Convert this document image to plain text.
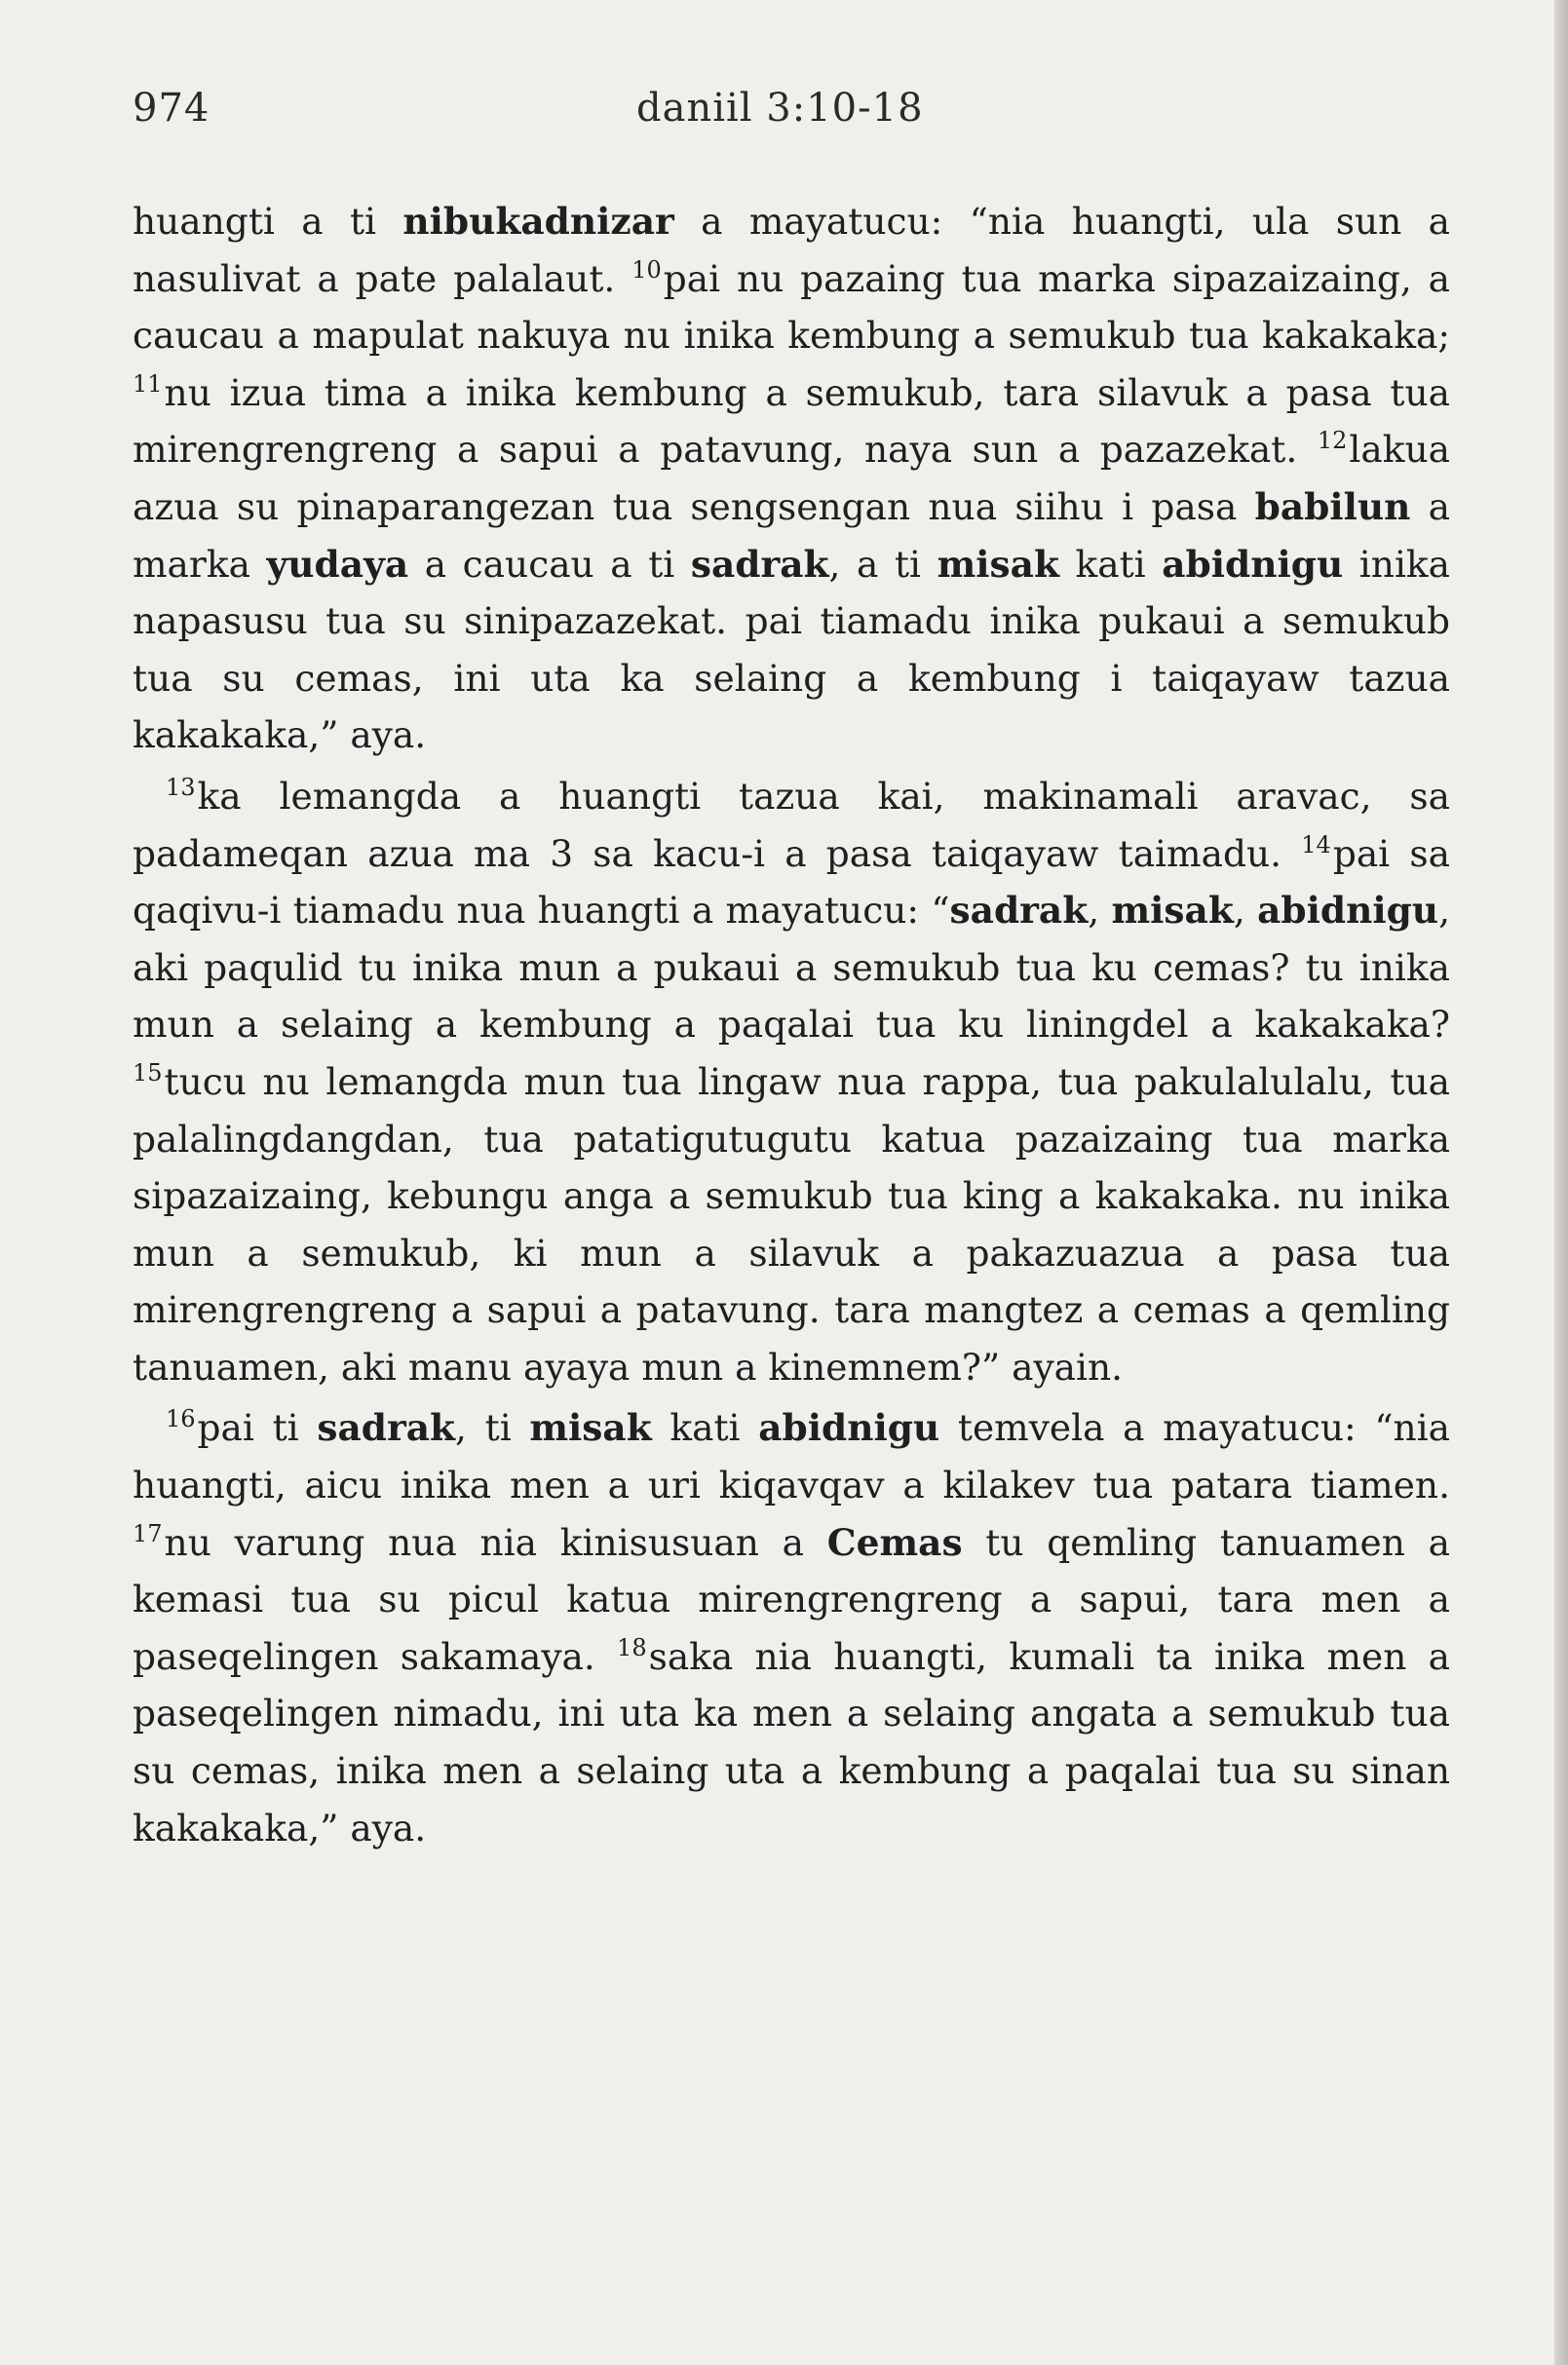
974	daniil 3:10-18

huangti a ti nibukadnizar a mayatucu: “nia huangti, ula sun a nasulivat a pate palalaut. $^{10}$pai nu pazaing tua marka sipazaizaing, a caucau a mapulat nakuya nu inika kembung a semukub tua kakakaka; $^{11}$nu izua tima a inika kembung a semukub, tara silavuk a pasa tua mirengrengreng a sapui a patavung, naya sun a pazazekat. $^{12}$lakua azua su pinaparangezan tua sengsengan nua siihu i pasa babilun a marka yudaya a caucau a ti sadrak, a ti misak kati abidnigu inika napasusu tua su sinipazazekat. pai tiamadu inika pukaui a semukub tua su cemas, ini uta ka selaing a kembung i taiqayaw tazua kakakaka,” aya.

$^{13}$ka lemangda a huangti tazua kai, makinamali aravac, sa padameqan azua ma 3 sa kacu-i a pasa taiqayaw taimadu. $^{14}$pai sa qaqivu-i tiamadu nua huangti a mayatucu: “sadrak, misak, abidnigu, aki paqulid tu inika mun a pukaui a semukub tua ku cemas? tu inika mun a selaing a kembung a paqalai tua ku liningdel a kakakaka? $^{15}$tucu nu lemangda mun tua lingaw nua rappa, tua pakulalulalu, tua palalingdangdan, tua patatigutugutu katua pazaizaing tua marka sipazaizaing, kebungu anga a semukub tua king a kakakaka. nu inika mun a semukub, ki mun a silavuk a pakazuazua a pasa tua mirengrengreng a sapui a patavung. tara mangtez a cemas a qemling tanuamen, aki manu ayaya mun a kinemnem?” ayain.

$^{16}$pai ti sadrak, ti misak kati abidnigu temvela a mayatucu: “nia huangti, aicu inika men a uri kiqavqav a kilakev tua patara tiamen. $^{17}$nu varung nua nia kinisusuan a Cemas tu qemling tanuamen a kemasi tua su picul katua mirengrengreng a sapui, tara men a paseqelingen sakamaya. $^{18}$saka nia huangti, kumali ta inika men a paseqelingen nimadu, ini uta ka men a selaing angata a semukub tua su cemas, inika men a selaing uta a kembung a paqalai tua su sinan kakakaka,” aya.
